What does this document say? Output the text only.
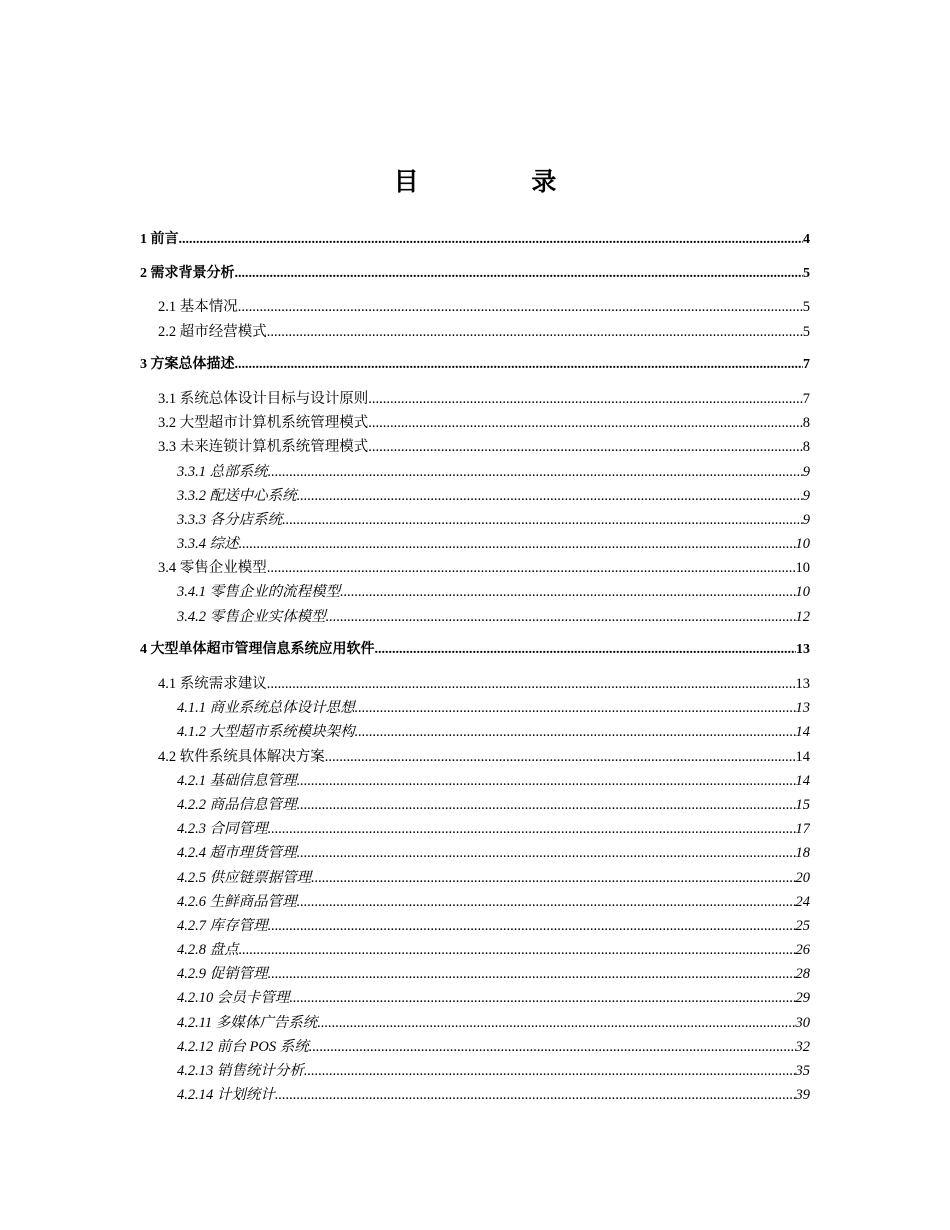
目 录
1 前言 .....	4
2 需求背景分析 .....	5
2.1 基本情况 .....	5
2.2 超市经营模式 .....	5
3 方案总体描述 .....	7
3.1 系统总体设计目标与设计原则 .....	7
3.2 大型超市计算机系统管理模式 .....	8
3.3 未来连锁计算机系统管理模式 .....	8
3.3.1 总部系统 .....	9
3.3.2 配送中心系统 .....	9
3.3.3 各分店系统 .....	9
3.3.4 综述 .....	10
3.4 零售企业模型 .....	10
3.4.1 零售企业的流程模型 .....	10
3.4.2 零售企业实体模型 .....	12
4 大型单体超市管理信息系统应用软件 .....	13
4.1 系统需求建议 .....	13
4.1.1 商业系统总体设计思想 .....	13
4.1.2 大型超市系统模块架构 .....	14
4.2 软件系统具体解决方案 .....	14
4.2.1 基础信息管理 .....	14
4.2.2 商品信息管理 .....	15
4.2.3 合同管理 .....	17
4.2.4 超市理货管理 .....	18
4.2.5 供应链票据管理 .....	20
4.2.6 生鲜商品管理 .....	24
4.2.7 库存管理 .....	25
4.2.8 盘点 .....	26
4.2.9 促销管理 .....	28
4.2.10 会员卡管理 .....	29
4.2.11 多媒体广告系统 .....	30
4.2.12 前台 POS 系统 .....	32
4.2.13 销售统计分析 .....	35
4.2.14 计划统计 .....	39
